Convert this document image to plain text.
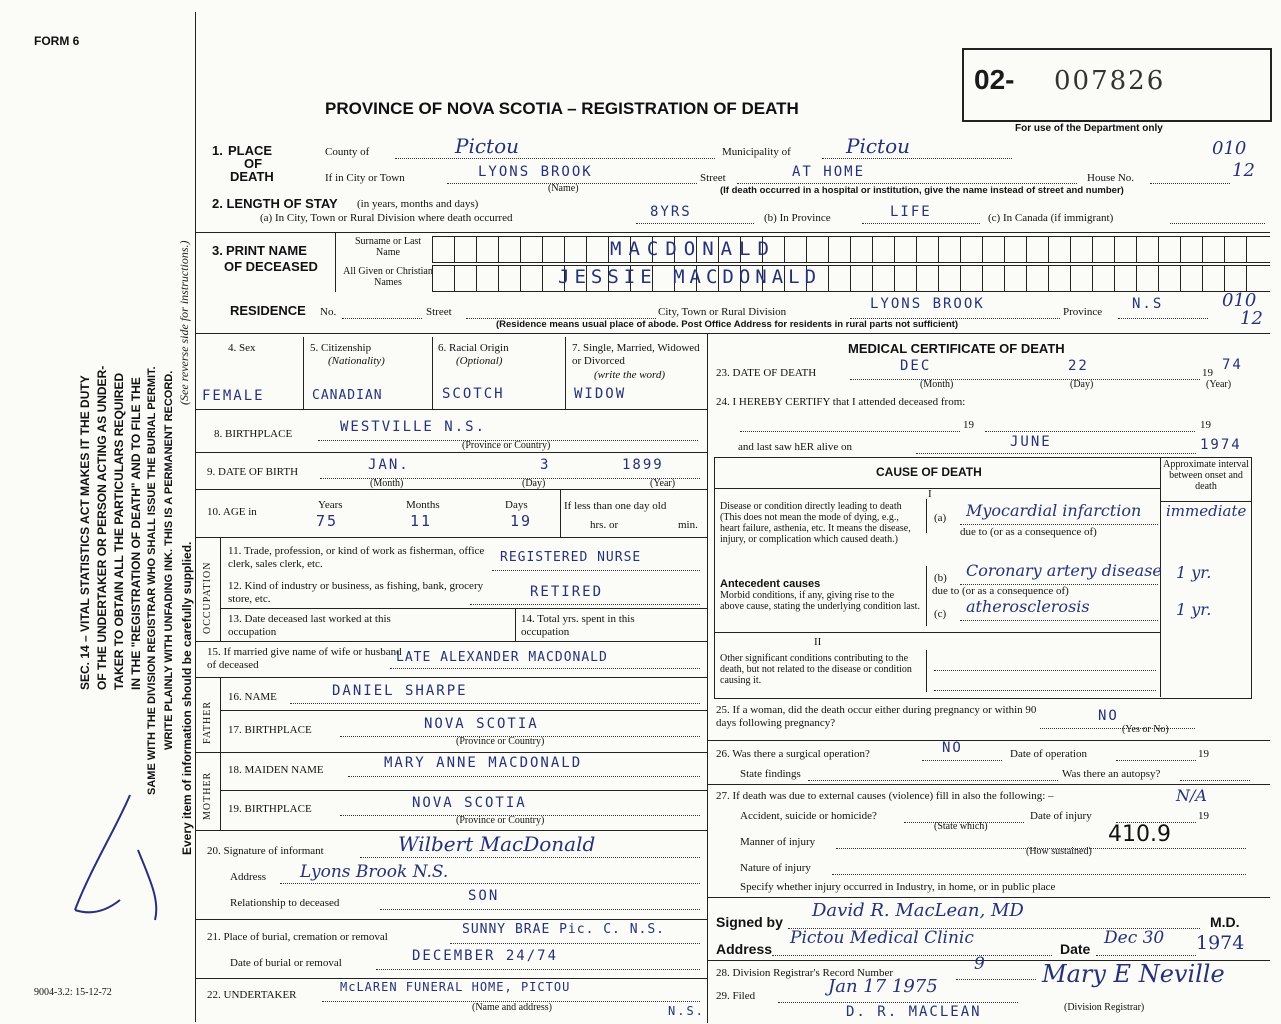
FORM 6
02- 007826
PROVINCE OF NOVA SCOTIA – REGISTRATION OF DEATH
For use of the Department only
SEC. 14 – VITAL STATISTICS ACT MAKES IT THE DUTY OF THE UNDERTAKER OR PERSON ACTING AS UNDER- TAKER TO OBTAIN ALL THE PARTICULARS REQUIRED IN THE "REGISTRATION OF DEATH" AND TO FILE THE SAME WITH THE DIVISION REGISTRAR WHO SHALL ISSUE THE BURIAL PERMIT. WRITE PLAINLY WITH UNFADING INK. THIS IS A PERMANENT RECORD. Every item of information should be carefully supplied.
(See reverse side for instructions.)
9004-3.2: 15-12-72
1. PLACE
OF
DEATH
County of	Pictou	Municipality of	Pictou	010
If in City or Town	LYONS BROOK
(Name)
Street	AT HOME	House No.	12
(If death occurred in a hospital or institution, give the name instead of street and number)
2. LENGTH OF STAY (in years, months and days)
(a) In City, Town or Rural Division where death occurred	8YRS	(b) In Province	LIFE	(c) In Canada (if immigrant)
3. PRINT NAME
OF DECEASED
Surname or Last Name
All Given or Christian Names
MACDONALD
JESSIE MACDONALD
RESIDENCE No.	Street	City, Town or Rural Division	LYONS BROOK	Province N.S	010
12
(Residence means usual place of abode. Post Office Address for residents in rural parts not sufficient)
4. Sex	5. Citizenship
(Nationality)
6. Racial Origin
(Optional)
7. Single, Married, Widowed or Divorced
(write the word)
FEMALE	CANADIAN	SCOTCH	WIDOW
8. BIRTHPLACE	WESTVILLE N.S.
(Province or Country)
9. DATE OF BIRTH	JAN.	3	1899
(Month)	(Day)	(Year)
10. AGE in
Years	Months	Days
75	11	19
If less than one day old
hrs. or	min.
OCCUPATION
11. Trade, profession, or kind of work as fisherman, office clerk, sales clerk, etc.	REGISTERED NURSE
12. Kind of industry or business, as fishing, bank, grocery store, etc.	RETIRED
13. Date deceased last worked at this occupation
14. Total yrs. spent in this occupation
15. If married give name of wife or husband of deceased	LATE ALEXANDER MACDONALD
FATHER
16. NAME	DANIEL SHARPE
17. BIRTHPLACE	NOVA SCOTIA
(Province or Country)
MOTHER
18. MAIDEN NAME	MARY ANNE MACDONALD
19. BIRTHPLACE	NOVA SCOTIA
(Province or Country)
20. Signature of informant	Wilbert MacDonald
Address Lyons Brook N.S.
Relationship to deceased	SON
21. Place of burial, cremation or removal	SUNNY BRAE Pic. C. N.S.
Date of burial or removal	DECEMBER 24/74
22. UNDERTAKER
McLAREN FUNERAL HOME, PICTOU
N.S.
(Name and address)
MEDICAL CERTIFICATE OF DEATH
23. DATE OF DEATH	DEC	22	19 74
(Month)	(Day)	(Year)
24. I HEREBY CERTIFY that I attended deceased from:
19	19
and last saw hER alive on	JUNE	1974
CAUSE OF DEATH
Approximate interval between onset and death
I
Disease or condition directly leading to death (This does not mean the mode of dying, e.g., heart failure, asthenia, etc. It means the disease, injury, or complication which caused death.)
(a) Myocardial infarction immediate
due to (or as a consequence of)
Antecedent causes
Morbid conditions, if any, giving rise to the above cause, stating the underlying condition last.
(b) Coronary artery disease 1 yr.
due to (or as a consequence of)
(c) atherosclerosis	1 yr.
II
Other significant conditions contributing to the death, but not related to the disease or condition causing it.
25. If a woman, did the death occur either during pregnancy or within 90 days following pregnancy?	NO
(Yes or No)
26. Was there a surgical operation?	NO	Date of operation	19
State findings	Was there an autopsy?
27. If death was due to external causes (violence) fill in also the following: –	N/A
Accident, suicide or homicide?
(State which)
Date of injury	19
Manner of injury	410.9
(How sustained)
Nature of injury
Specify whether injury occurred in Industry, in home, or in public place
Signed by
David R. MacLean, MD
M.D.
Address
Pictou Medical Clinic
Date
Dec 30 1974
28. Division Registrar's Record Number	9
29. Filed	Jan 17 1975	Mary E Neville
(Division Registrar)
D. R. MACLEAN
